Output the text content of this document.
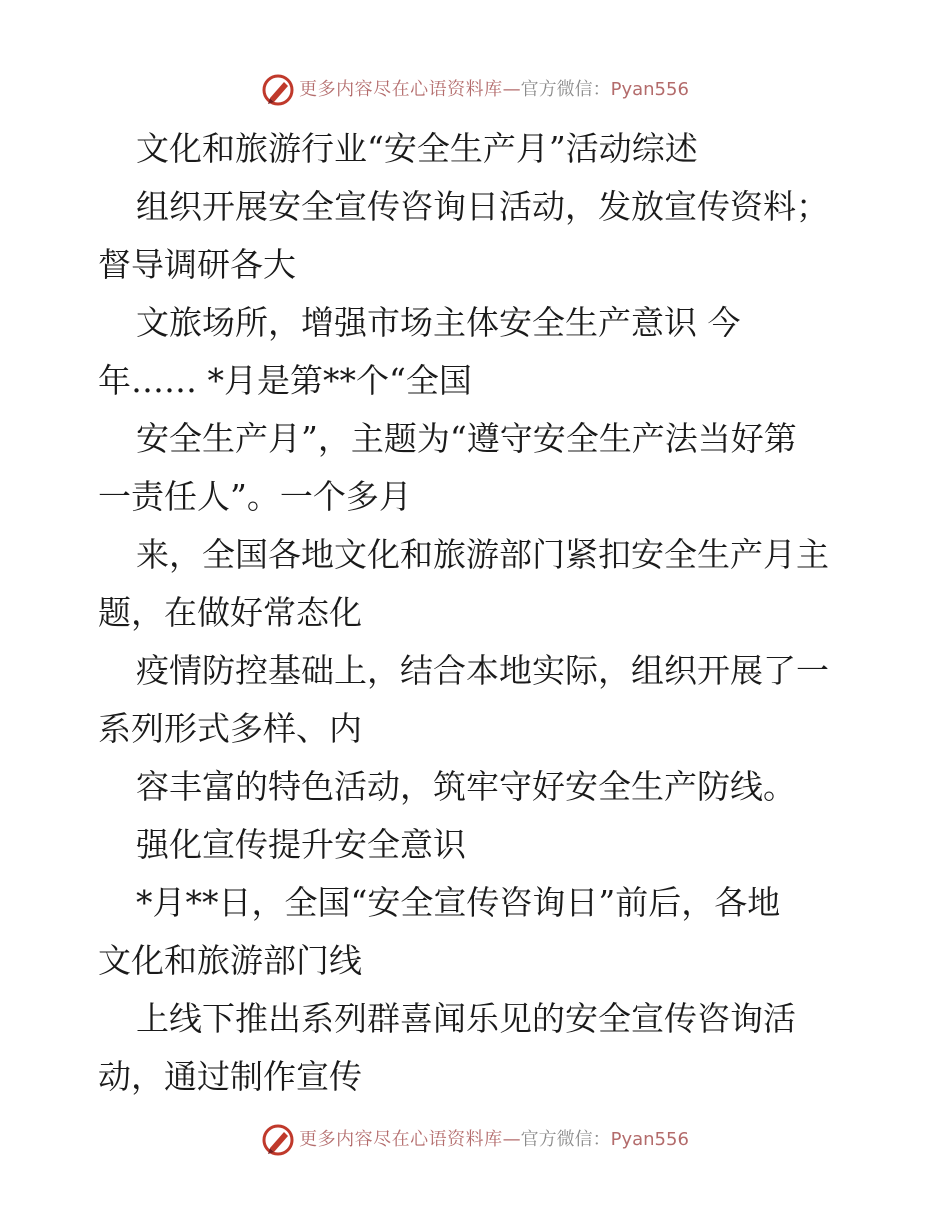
更多内容尽在心语资料库 — 官方微信： Pyan556
文化和旅游行业“安全生产月”活动综述
组织开展安全宣传咨询日活动，发放宣传资料；
督导调研各大
文旅场所，增强市场主体安全生产意识 今
年…… *月是第**个“全国
安全生产月”，主题为“遵守安全生产法当好第
一责任人”。一个多月
来，全国各地文化和旅游部门紧扣安全生产月主
题，在做好常态化
疫情防控基础上，结合本地实际，组织开展了一
系列形式多样、内
容丰富的特色活动，筑牢守好安全生产防线。
强化宣传提升安全意识
*月**日，全国“安全宣传咨询日”前后，各地
文化和旅游部门线
上线下推出系列群喜闻乐见的安全宣传咨询活
动，通过制作宣传
更多内容尽在心语资料库 — 官方微信： Pyan556
